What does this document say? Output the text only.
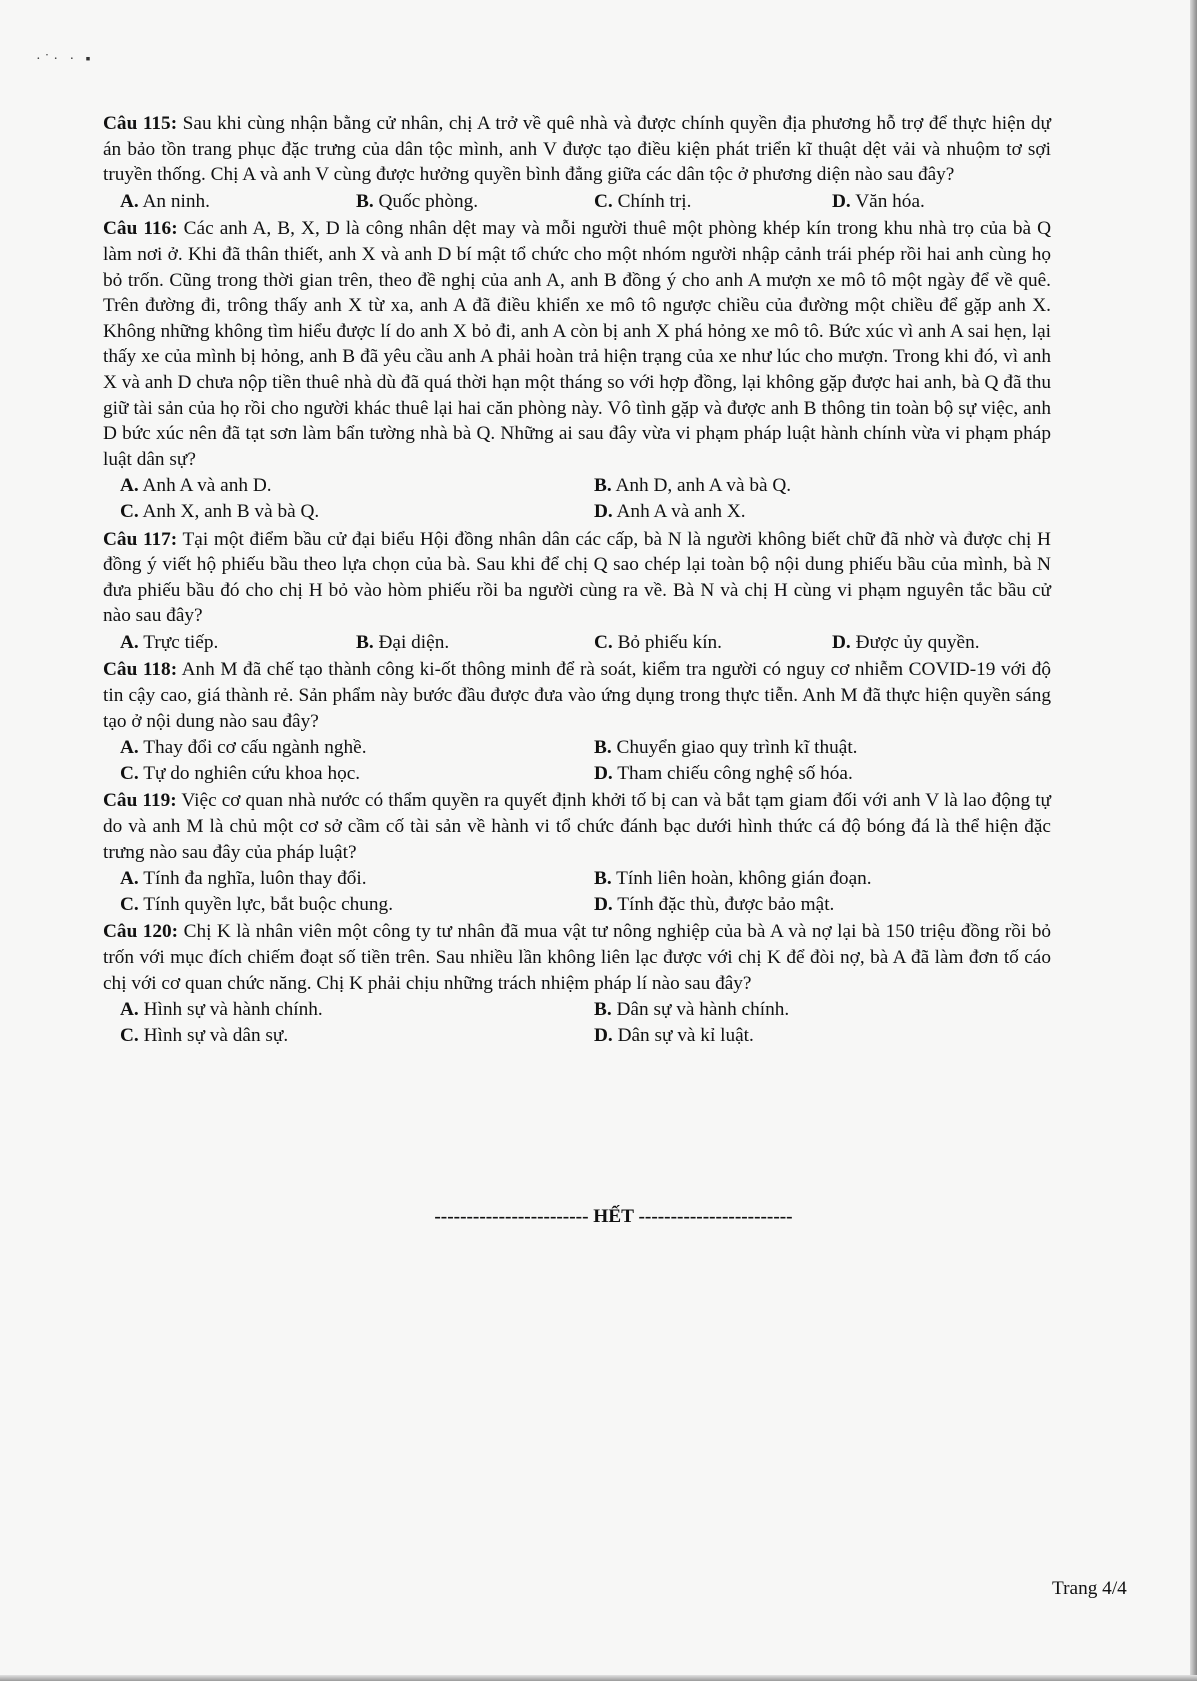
·˙· · ▪

Câu 115: Sau khi cùng nhận bằng cử nhân, chị A trở về quê nhà và được chính quyền địa phương hỗ trợ để thực hiện dự án bảo tồn trang phục đặc trưng của dân tộc mình, anh V được tạo điều kiện phát triển kĩ thuật dệt vải và nhuộm tơ sợi truyền thống. Chị A và anh V cùng được hưởng quyền bình đẳng giữa các dân tộc ở phương diện nào sau đây?

A. An ninh.	B. Quốc phòng.	C. Chính trị.	D. Văn hóa.

Câu 116: Các anh A, B, X, D là công nhân dệt may và mỗi người thuê một phòng khép kín trong khu nhà trọ của bà Q làm nơi ở. Khi đã thân thiết, anh X và anh D bí mật tổ chức cho một nhóm người nhập cảnh trái phép rồi hai anh cùng họ bỏ trốn. Cũng trong thời gian trên, theo đề nghị của anh A, anh B đồng ý cho anh A mượn xe mô tô một ngày để về quê. Trên đường đi, trông thấy anh X từ xa, anh A đã điều khiển xe mô tô ngược chiều của đường một chiều để gặp anh X. Không những không tìm hiểu được lí do anh X bỏ đi, anh A còn bị anh X phá hỏng xe mô tô. Bức xúc vì anh A sai hẹn, lại thấy xe của mình bị hỏng, anh B đã yêu cầu anh A phải hoàn trả hiện trạng của xe như lúc cho mượn. Trong khi đó, vì anh X và anh D chưa nộp tiền thuê nhà dù đã quá thời hạn một tháng so với hợp đồng, lại không gặp được hai anh, bà Q đã thu giữ tài sản của họ rồi cho người khác thuê lại hai căn phòng này. Vô tình gặp và được anh B thông tin toàn bộ sự việc, anh D bức xúc nên đã tạt sơn làm bẩn tường nhà bà Q. Những ai sau đây vừa vi phạm pháp luật hành chính vừa vi phạm pháp luật dân sự?

A. Anh A và anh D.	B. Anh D, anh A và bà Q.
C. Anh X, anh B và bà Q.	D. Anh A và anh X.

Câu 117: Tại một điểm bầu cử đại biểu Hội đồng nhân dân các cấp, bà N là người không biết chữ đã nhờ và được chị H đồng ý viết hộ phiếu bầu theo lựa chọn của bà. Sau khi để chị Q sao chép lại toàn bộ nội dung phiếu bầu của mình, bà N đưa phiếu bầu đó cho chị H bỏ vào hòm phiếu rồi ba người cùng ra về. Bà N và chị H cùng vi phạm nguyên tắc bầu cử nào sau đây?

A. Trực tiếp.	B. Đại diện.	C. Bỏ phiếu kín.	D. Được ủy quyền.

Câu 118: Anh M đã chế tạo thành công ki-ốt thông minh để rà soát, kiểm tra người có nguy cơ nhiễm COVID-19 với độ tin cậy cao, giá thành rẻ. Sản phẩm này bước đầu được đưa vào ứng dụng trong thực tiễn. Anh M đã thực hiện quyền sáng tạo ở nội dung nào sau đây?

A. Thay đổi cơ cấu ngành nghề.	B. Chuyển giao quy trình kĩ thuật.
C. Tự do nghiên cứu khoa học.	D. Tham chiếu công nghệ số hóa.

Câu 119: Việc cơ quan nhà nước có thẩm quyền ra quyết định khởi tố bị can và bắt tạm giam đối với anh V là lao động tự do và anh M là chủ một cơ sở cầm cố tài sản về hành vi tổ chức đánh bạc dưới hình thức cá độ bóng đá là thể hiện đặc trưng nào sau đây của pháp luật?

A. Tính đa nghĩa, luôn thay đổi.	B. Tính liên hoàn, không gián đoạn.
C. Tính quyền lực, bắt buộc chung.	D. Tính đặc thù, được bảo mật.

Câu 120: Chị K là nhân viên một công ty tư nhân đã mua vật tư nông nghiệp của bà A và nợ lại bà 150 triệu đồng rồi bỏ trốn với mục đích chiếm đoạt số tiền trên. Sau nhiều lần không liên lạc được với chị K để đòi nợ, bà A đã làm đơn tố cáo chị với cơ quan chức năng. Chị K phải chịu những trách nhiệm pháp lí nào sau đây?

A. Hình sự và hành chính.	B. Dân sự và hành chính.
C. Hình sự và dân sự.	D. Dân sự và kỉ luật.
------------------------ HẾT ------------------------
Trang 4/4
